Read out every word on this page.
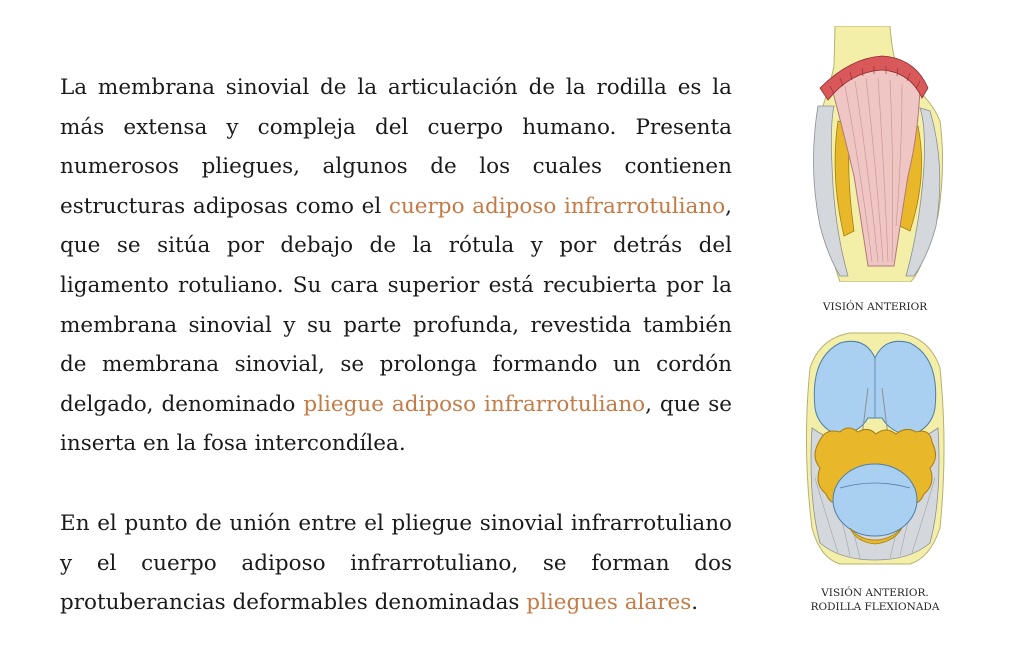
La membrana sinovial de la articulación de la rodilla es la más extensa y compleja del cuerpo humano. Presenta numerosos pliegues, algunos de los cuales contienen estructuras adiposas como el cuerpo adiposo infrarrotuliano, que se sitúa por debajo de la rótula y por detrás del ligamento rotuliano. Su cara superior está recubierta por la membrana sinovial y su parte profunda, revestida también de membrana sinovial, se prolonga formando un cordón delgado, denominado pliegue adiposo infrarrotuliano, que se inserta en la fosa intercondílea.

En el punto de unión entre el pliegue sinovial infrarrotuliano y el cuerpo adiposo infrarrotuliano, se forman dos protuberancias deformables denominadas pliegues alares.

VISIÓN ANTERIOR
VISIÓN ANTERIOR.
RODILLA FLEXIONADA
